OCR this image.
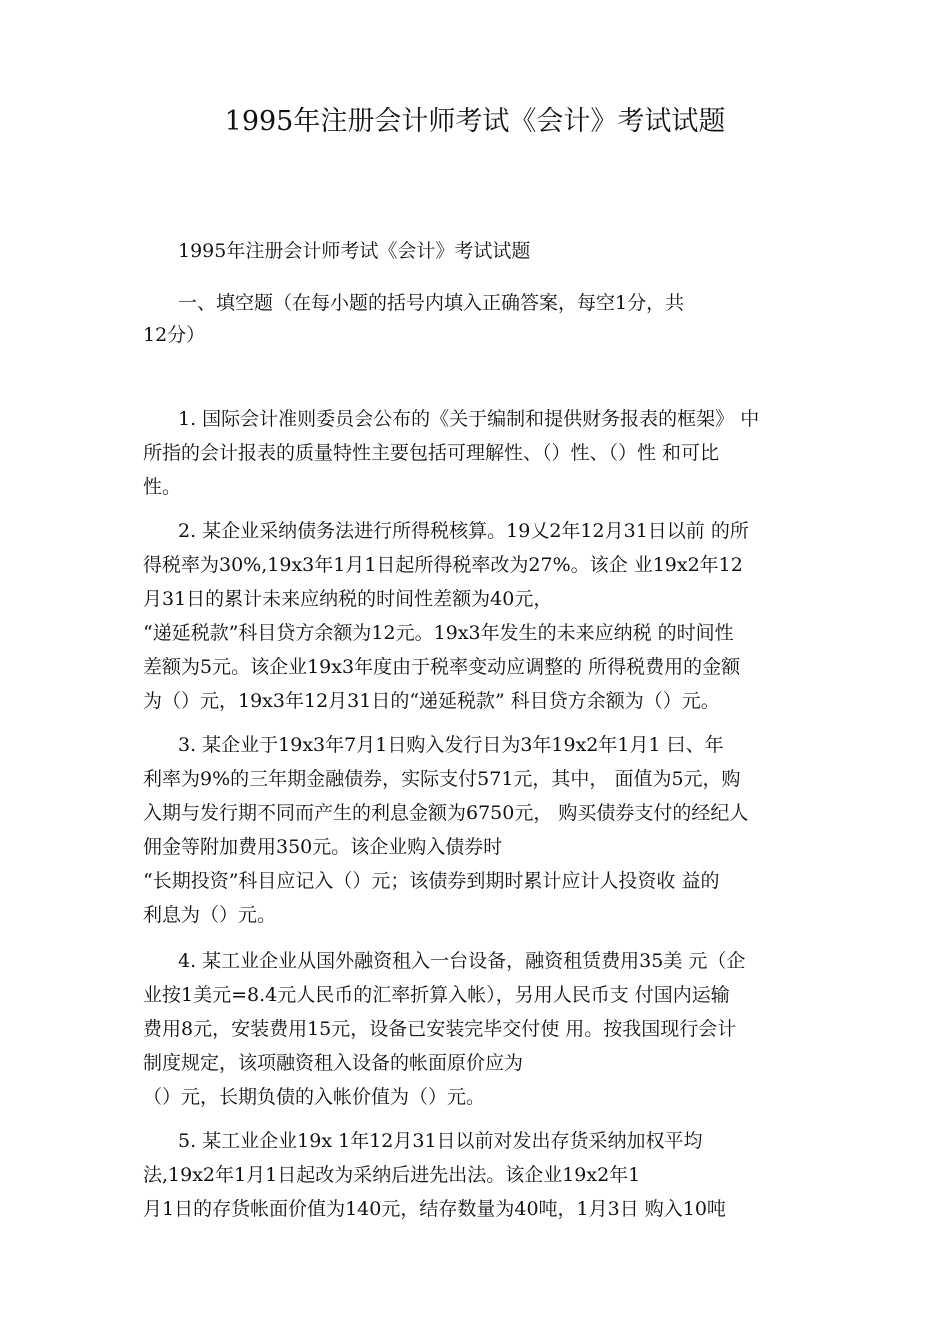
1995年注册会计师考试《会计》考试试题
1995年注册会计师考试《会计》考试试题
一、填空题（在每小题的括号内填入正确答案，每空1分，共
12分）
1. 国际会计准则委员会公布的《关于编制和提供财务报表的框架》 中
所指的会计报表的质量特性主要包括可理解性、（）性、（）性 和可比
性。
2. 某企业采纳债务法进行所得税核算。19乂2年12月31日以前 的所
得税率为30%,19x3年1月1日起所得税率改为27%。该企 业19x2年12
月31日的累计未来应纳税的时间性差额为40元，
“递延税款”科目贷方余额为12元。19x3年发生的未来应纳税 的时间性
差额为5元。该企业19x3年度由于税率变动应调整的 所得税费用的金额
为（）元，19x3年12月31日的“递延税款” 科目贷方余额为（）元。
3. 某企业于19x3年7月1日购入发行日为3年19x2年1月1 曰、年
利率为9%的三年期金融债券，实际支付571元，其中， 面值为5元，购
入期与发行期不同而产生的利息金额为6750元， 购买债券支付的经纪人
佣金等附加费用350元。该企业购入债券时
“长期投资”科目应记入（）元；该债券到期时累计应计人投资收 益的
利息为（）元。
4. 某工业企业从国外融资租入一台设备，融资租赁费用35美 元（企
业按1美元=8.4元人民币的汇率折算入帐），另用人民币支 付国内运输
费用8元，安装费用15元，设备已安装完毕交付使 用。按我国现行会计
制度规定，该项融资租入设备的帐面原价应为
（）元，长期负债的入帐价值为（）元。
5. 某工业企业19x 1年12月31日以前对发出存货采纳加权平均
法,19x2年1月1日起改为采纳后进先出法。该企业19x2年1
月1日的存货帐面价值为140元，结存数量为40吨，1月3日 购入10吨
